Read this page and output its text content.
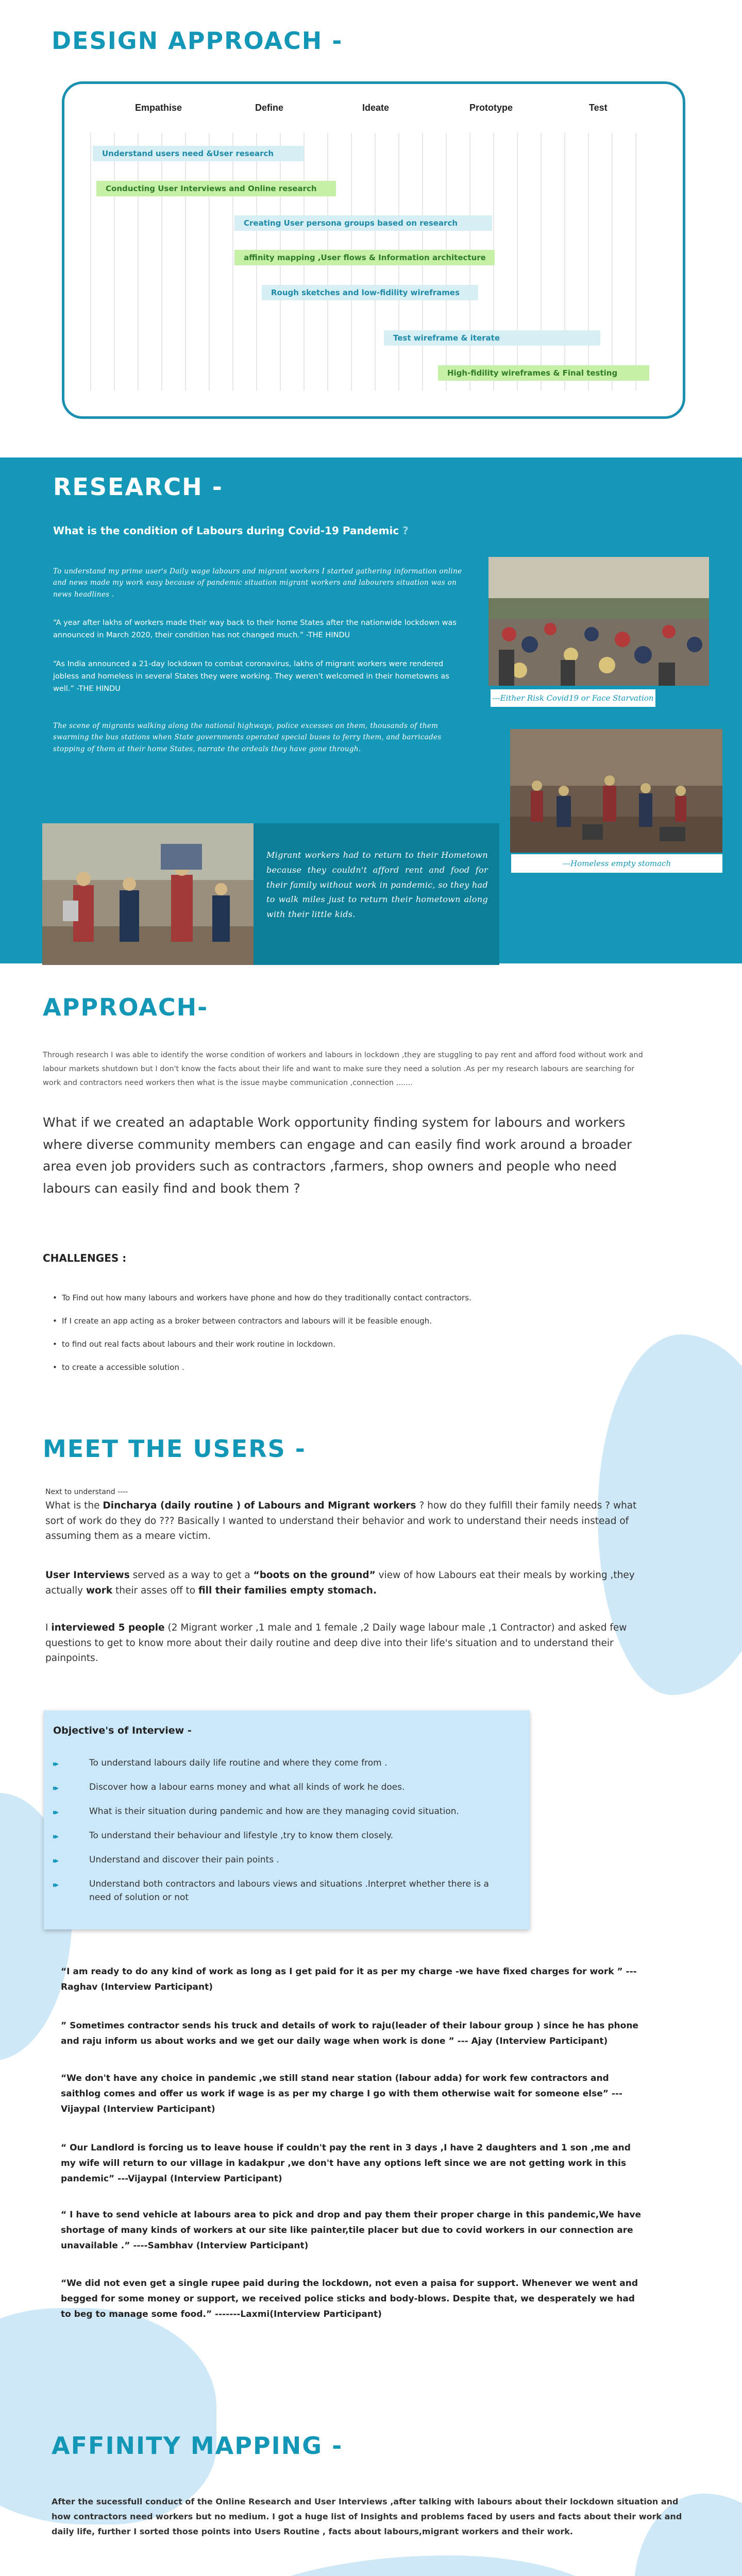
DESIGN APPROACH -
Empathise	Define	Ideate	Prototype	Test
Understand users need &User research
Conducting User Interviews and Online research
Creating User persona groups based on research
affinity mapping ,User flows & Information architecture
Rough sketches and low-fidility wireframes
Test wireframe & iterate
High-fidility wireframes & Final testing
RESEARCH -
What is the condition of Labours during Covid-19 Pandemic ?

To understand my prime user's Daily wage labours and migrant workers I started gathering information online and news made my work easy because of pandemic situation migrant workers and labourers situation was on news headlines .

“A year after lakhs of workers made their way back to their home States after the nationwide lockdown was announced in March 2020, their condition has not changed much.” -THE HINDU

“As India announced a 21-day lockdown to combat coronavirus, lakhs of migrant workers were rendered jobless and homeless in several States they were working. They weren't welcomed in their hometowns as well.” -THE HINDU

The scene of migrants walking along the national highways, police excesses on them, thousands of them swarming the bus stations when State governments operated special buses to ferry them, and barricades stopping of them at their home States, narrate the ordeals they have gone through.

---Either Risk Covid19 or Face Starvation
---Homeless empty stomach

Migrant workers had to return to their Hometown because they couldn't afford rent and food for their family without work in pandemic, so they had to walk miles just to return their hometown along with their little kids.

APPROACH-

Through research I was able to identify the worse condition of workers and labours in lockdown ,they are stuggling to pay rent and afford food without work and labour markets shutdown but I don't know the facts about their life and want to make sure they need a solution .As per my research labours are searching for work and contractors need workers then what is the issue maybe communication ,connection .......

What if we created an adaptable Work opportunity finding system for labours and workers where diverse community members can engage and can easily find work around a broader area even job providers such as contractors ,farmers, shop owners and people who need labours can easily find and book them ?

CHALLENGES :
• To Find out how many labours and workers have phone and how do they traditionally contact contractors.
• If I create an app acting as a broker between contractors and labours will it be feasible enough.
• to find out real facts about labours and their work routine in lockdown.
• to create a accessible solution .
MEET THE USERS -

Next to understand ----

What is the Dincharya (daily routine ) of Labours and Migrant workers ? how do they fulfill their family needs ? what sort of work do they do ??? Basically I wanted to understand their behavior and work to understand their needs instead of assuming them as a meare victim.

User Interviews served as a way to get a “boots on the ground” view of how Labours eat their meals by working ,they actually work their asses off to fill their families empty stomach.

I interviewed 5 people (2 Migrant worker ,1 male and 1 female ,2 Daily wage labour male ,1 Contractor) and asked few questions to get to know more about their daily routine and deep dive into their life's situation and to understand their painpoints.

Objective's of Interview -
▸▸	To understand labours daily life routine and where they come from .
▸▸	Discover how a labour earns money and what all kinds of work he does.
▸▸	What is their situation during pandemic and how are they managing covid situation.
▸▸	To understand their behaviour and lifestyle ,try to know them closely.
▸▸	Understand and discover their pain points .
▸▸	Understand both contractors and labours views and situations .Interpret whether there is a need of solution or not

“I am ready to do any kind of work as long as I get paid for it as per my charge -we have fixed charges for work ” ---Raghav (Interview Participant)

” Sometimes contractor sends his truck and details of work to raju(leader of their labour group ) since he has phone and raju inform us about works and we get our daily wage when work is done ” --- Ajay (Interview Participant)

“We don't have any choice in pandemic ,we still stand near station (labour adda) for work few contractors and saithlog comes and offer us work if wage is as per my charge I go with them otherwise wait for someone else” ---Vijaypal (Interview Participant)

“ Our Landlord is forcing us to leave house if couldn't pay the rent in 3 days ,I have 2 daughters and 1 son ,me and my wife will return to our village in kadakpur ,we don't have any options left since we are not getting work in this pandemic” ---Vijaypal (Interview Participant)

“ I have to send vehicle at labours area to pick and drop and pay them their proper charge in this pandemic,We have shortage of many kinds of workers at our site like painter,tile placer but due to covid workers in our connection are unavailable .” ----Sambhav (Interview Participant)

“We did not even get a single rupee paid during the lockdown, not even a paisa for support. Whenever we went and begged for some money or support, we received police sticks and body-blows. Despite that, we desperately we had to beg to manage some food.” -------Laxmi(Interview Participant)

AFFINITY MAPPING -

After the sucessfull conduct of the Online Research and User Interviews ,after talking with labours about their lockdown situation and how contractors need workers but no medium. I got a huge list of Insights and problems faced by users and facts about their work and daily life, further I sorted those points into Users Routine , facts about labours,migrant workers and their work.
